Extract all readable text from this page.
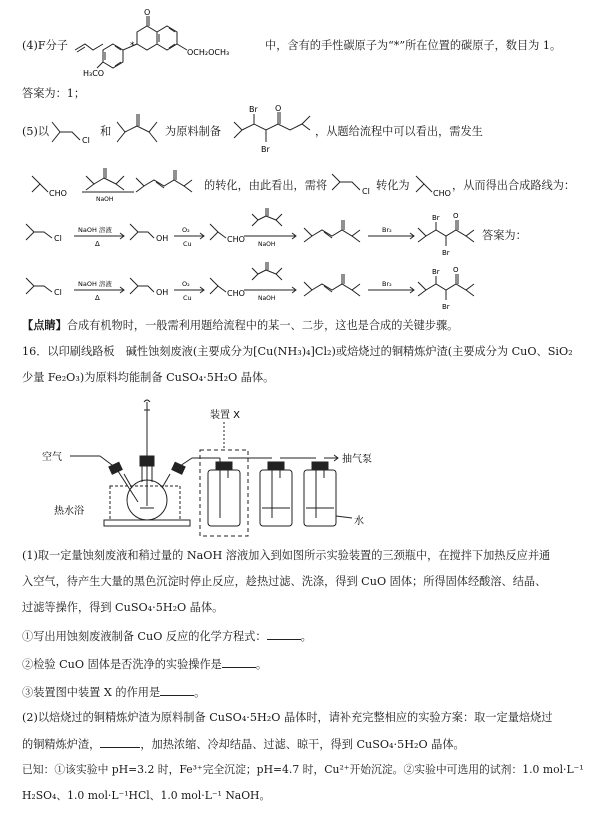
(4)F分子
O
*
H₃CO
OCH₂OCH₃
中，含有的手性碳原子为“*”所在位置的碳原子，数目为 1。
答案为：1；
(5)以
Cl
和	为原料制备
Br O
Br
，从题给流程中可以看出，需发生
CHO
NaOH
的转化，由此看出，需将	Cl 转化为
CHO
，从而得出合成路线为：
Cl
NaOH 溶液
Δ
OH
O₂
Cu	CHO
NaOH
Br₂
Br O
Br
答案为：
Cl
NaOH 溶液
Δ
OH
O₂
Cu	CHO
NaOH
Br₂
Br O
Br
【点睛】合成有机物时，一般需利用题给流程中的某一、二步，这也是合成的关键步骤。
16．以印刷线路板　碱性蚀刻废液(主要成分为[Cu(NH₃)₄]Cl₂)或焙烧过的铜精炼炉渣(主要成分为 CuO、SiO₂
少量 Fe₂O₃)为原料均能制备 CuSO₄·5H₂O 晶体。
装置 X
空气	抽气泵
热水浴
水
(1)取一定量蚀刻废液和稍过量的 NaOH 溶液加入到如图所示实验装置的三颈瓶中，在搅拌下加热反应并通
入空气，待产生大量的黑色沉淀时停止反应，趁热过滤、洗涤，得到 CuO 固体；所得固体经酸溶、结晶、
过滤等操作，得到 CuSO₄·5H₂O 晶体。
①写出用蚀刻废液制备 CuO 反应的化学方程式：	。
②检验 CuO 固体是否洗净的实验操作是	。
③装置图中装置 X 的作用是	。
(2)以焙烧过的铜精炼炉渣为原料制备 CuSO₄·5H₂O 晶体时，请补充完整相应的实验方案：取一定量焙烧过
的铜精炼炉渣，	，加热浓缩、冷却结晶、过滤、晾干，得到 CuSO₄·5H₂O 晶体。
已知：①该实验中 pH=3.2 时，Fe³⁺完全沉淀；pH=4.7 时，Cu²⁺开始沉淀。②实验中可选用的试剂：1.0 mol·L⁻¹
H₂SO₄、1.0 mol·L⁻¹HCl、1.0 mol·L⁻¹ NaOH。
